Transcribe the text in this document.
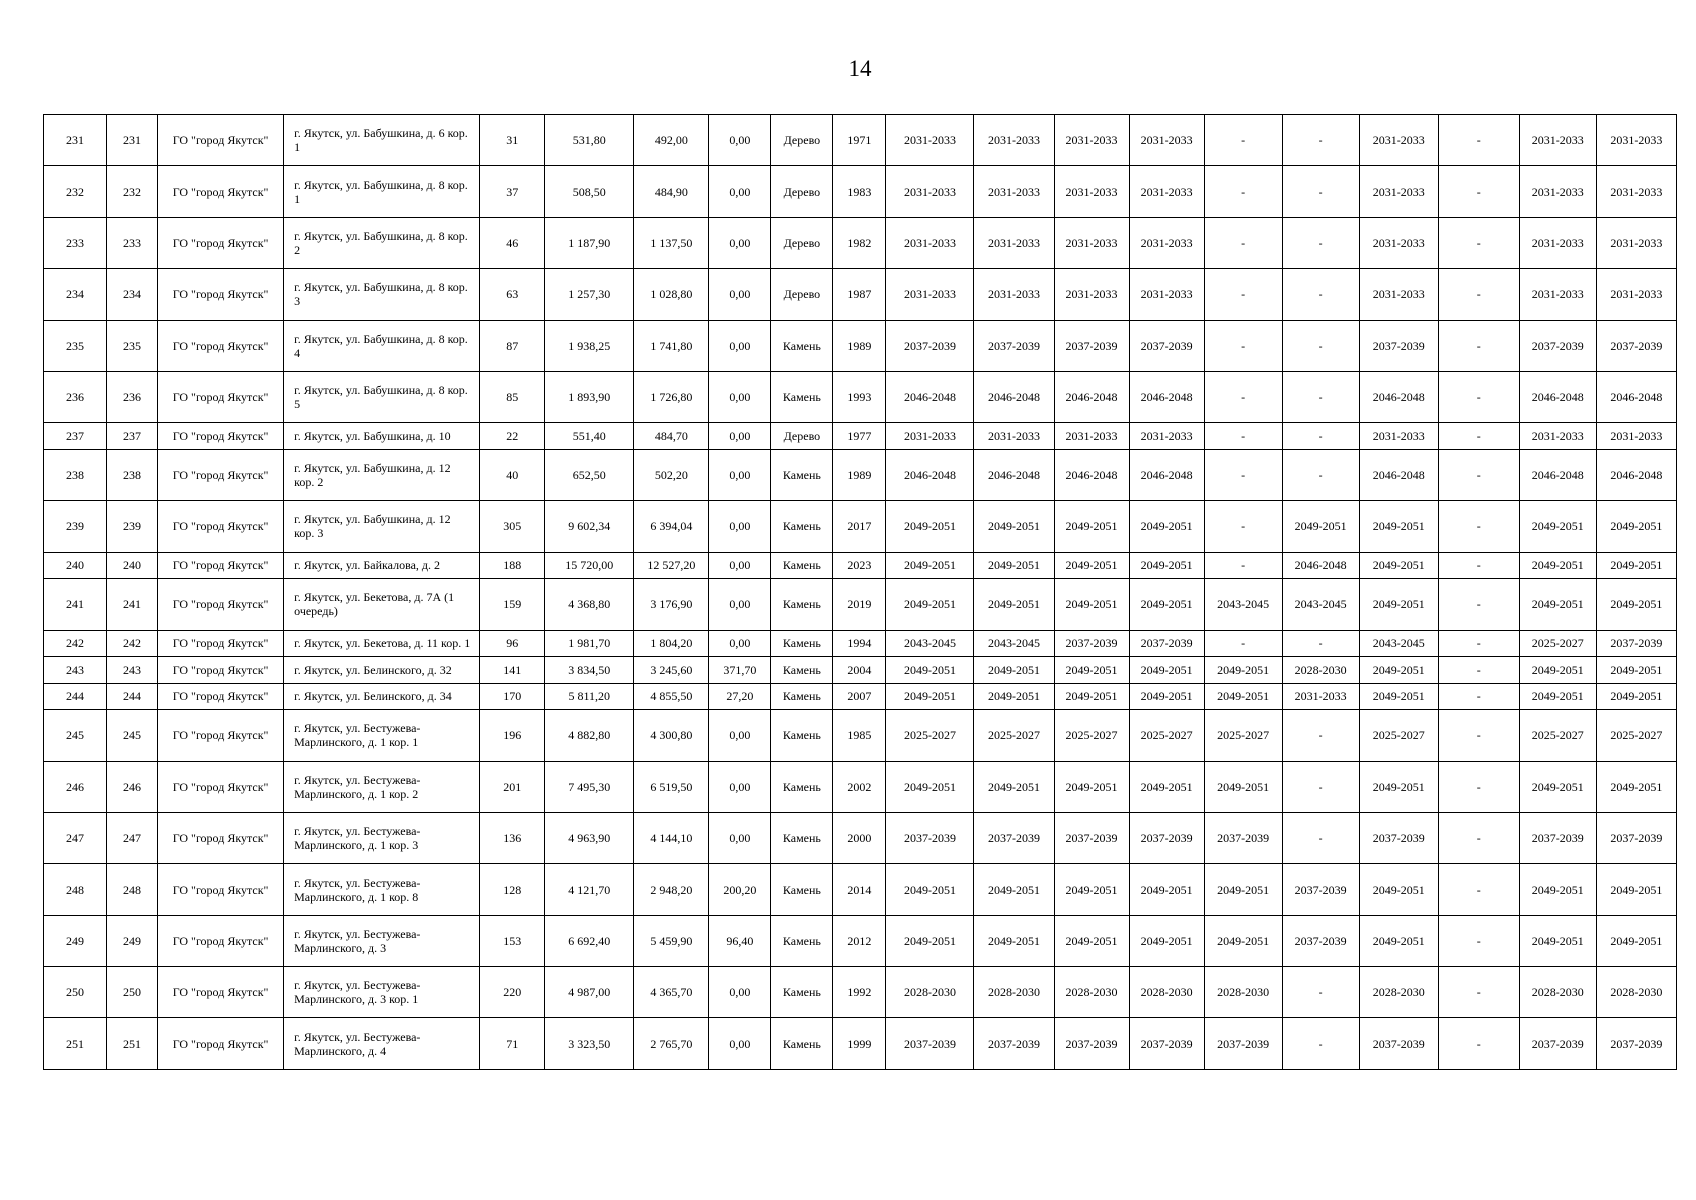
14
231	231	ГО "город Якутск"	г. Якутск, ул. Бабушкина, д. 6 кор. 1	31	531,80	492,00	0,00	Дерево	1971	2031-2033	2031-2033	2031-2033	2031-2033	-	-	2031-2033	-	2031-2033	2031-2033
232	232	ГО "город Якутск"	г. Якутск, ул. Бабушкина, д. 8 кор. 1	37	508,50	484,90	0,00	Дерево	1983	2031-2033	2031-2033	2031-2033	2031-2033	-	-	2031-2033	-	2031-2033	2031-2033
233	233	ГО "город Якутск"	г. Якутск, ул. Бабушкина, д. 8 кор. 2	46	1 187,90	1 137,50	0,00	Дерево	1982	2031-2033	2031-2033	2031-2033	2031-2033	-	-	2031-2033	-	2031-2033	2031-2033
234	234	ГО "город Якутск"	г. Якутск, ул. Бабушкина, д. 8 кор. 3	63	1 257,30	1 028,80	0,00	Дерево	1987	2031-2033	2031-2033	2031-2033	2031-2033	-	-	2031-2033	-	2031-2033	2031-2033
235	235	ГО "город Якутск"	г. Якутск, ул. Бабушкина, д. 8 кор. 4	87	1 938,25	1 741,80	0,00	Камень	1989	2037-2039	2037-2039	2037-2039	2037-2039	-	-	2037-2039	-	2037-2039	2037-2039
236	236	ГО "город Якутск"	г. Якутск, ул. Бабушкина, д. 8 кор. 5	85	1 893,90	1 726,80	0,00	Камень	1993	2046-2048	2046-2048	2046-2048	2046-2048	-	-	2046-2048	-	2046-2048	2046-2048
237	237	ГО "город Якутск"	г. Якутск, ул. Бабушкина, д. 10	22	551,40	484,70	0,00	Дерево	1977	2031-2033	2031-2033	2031-2033	2031-2033	-	-	2031-2033	-	2031-2033	2031-2033
238	238	ГО "город Якутск"	г. Якутск, ул. Бабушкина, д. 12 кор. 2	40	652,50	502,20	0,00	Камень	1989	2046-2048	2046-2048	2046-2048	2046-2048	-	-	2046-2048	-	2046-2048	2046-2048
239	239	ГО "город Якутск"	г. Якутск, ул. Бабушкина, д. 12 кор. 3	305	9 602,34	6 394,04	0,00	Камень	2017	2049-2051	2049-2051	2049-2051	2049-2051	-	2049-2051	2049-2051	-	2049-2051	2049-2051
240	240	ГО "город Якутск"	г. Якутск, ул. Байкалова, д. 2	188	15 720,00	12 527,20	0,00	Камень	2023	2049-2051	2049-2051	2049-2051	2049-2051	-	2046-2048	2049-2051	-	2049-2051	2049-2051
241	241	ГО "город Якутск"	г. Якутск, ул. Бекетова, д. 7А (1 очередь)	159	4 368,80	3 176,90	0,00	Камень	2019	2049-2051	2049-2051	2049-2051	2049-2051	2043-2045	2043-2045	2049-2051	-	2049-2051	2049-2051
242	242	ГО "город Якутск"	г. Якутск, ул. Бекетова, д. 11 кор. 1	96	1 981,70	1 804,20	0,00	Камень	1994	2043-2045	2043-2045	2037-2039	2037-2039	-	-	2043-2045	-	2025-2027	2037-2039
243	243	ГО "город Якутск"	г. Якутск, ул. Белинского, д. 32	141	3 834,50	3 245,60	371,70	Камень	2004	2049-2051	2049-2051	2049-2051	2049-2051	2049-2051	2028-2030	2049-2051	-	2049-2051	2049-2051
244	244	ГО "город Якутск"	г. Якутск, ул. Белинского, д. 34	170	5 811,20	4 855,50	27,20	Камень	2007	2049-2051	2049-2051	2049-2051	2049-2051	2049-2051	2031-2033	2049-2051	-	2049-2051	2049-2051
245	245	ГО "город Якутск"	г. Якутск, ул. Бестужева-Марлинского, д. 1 кор. 1	196	4 882,80	4 300,80	0,00	Камень	1985	2025-2027	2025-2027	2025-2027	2025-2027	2025-2027	-	2025-2027	-	2025-2027	2025-2027
246	246	ГО "город Якутск"	г. Якутск, ул. Бестужева-Марлинского, д. 1 кор. 2	201	7 495,30	6 519,50	0,00	Камень	2002	2049-2051	2049-2051	2049-2051	2049-2051	2049-2051	-	2049-2051	-	2049-2051	2049-2051
247	247	ГО "город Якутск"	г. Якутск, ул. Бестужева-Марлинского, д. 1 кор. 3	136	4 963,90	4 144,10	0,00	Камень	2000	2037-2039	2037-2039	2037-2039	2037-2039	2037-2039	-	2037-2039	-	2037-2039	2037-2039
248	248	ГО "город Якутск"	г. Якутск, ул. Бестужева-Марлинского, д. 1 кор. 8	128	4 121,70	2 948,20	200,20	Камень	2014	2049-2051	2049-2051	2049-2051	2049-2051	2049-2051	2037-2039	2049-2051	-	2049-2051	2049-2051
249	249	ГО "город Якутск"	г. Якутск, ул. Бестужева-Марлинского, д. 3	153	6 692,40	5 459,90	96,40	Камень	2012	2049-2051	2049-2051	2049-2051	2049-2051	2049-2051	2037-2039	2049-2051	-	2049-2051	2049-2051
250	250	ГО "город Якутск"	г. Якутск, ул. Бестужева-Марлинского, д. 3 кор. 1	220	4 987,00	4 365,70	0,00	Камень	1992	2028-2030	2028-2030	2028-2030	2028-2030	2028-2030	-	2028-2030	-	2028-2030	2028-2030
251	251	ГО "город Якутск"	г. Якутск, ул. Бестужева-Марлинского, д. 4	71	3 323,50	2 765,70	0,00	Камень	1999	2037-2039	2037-2039	2037-2039	2037-2039	2037-2039	-	2037-2039	-	2037-2039	2037-2039
